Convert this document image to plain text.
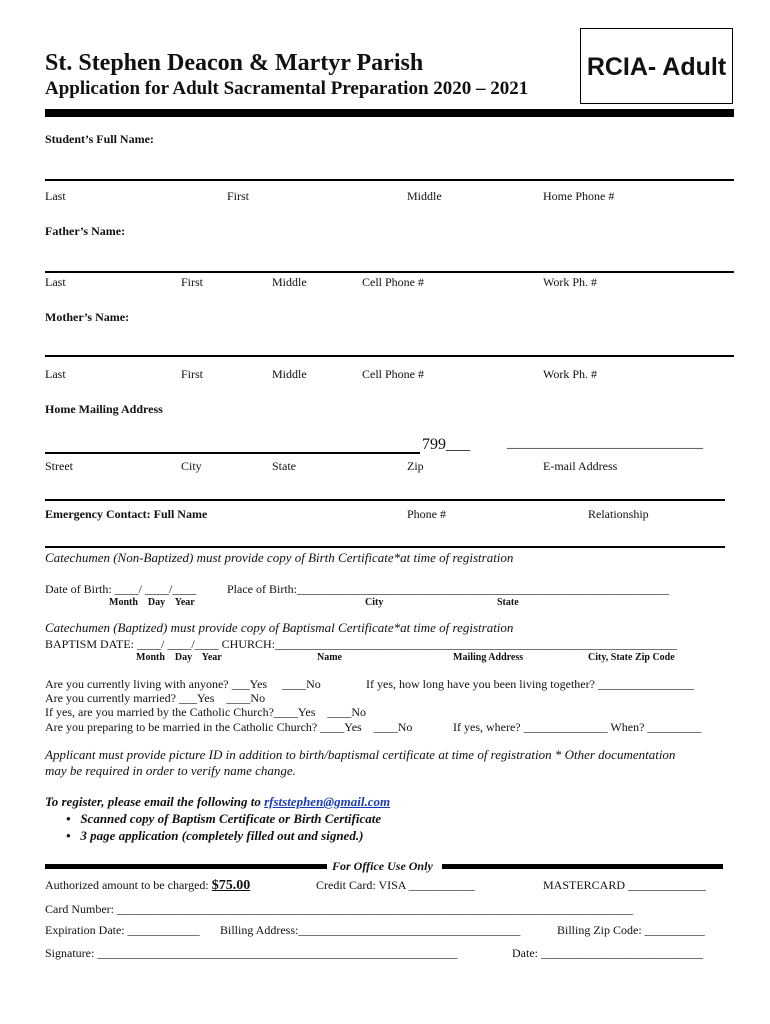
St. Stephen Deacon & Martyr Parish
Application for Adult Sacramental Preparation 2020 – 2021
RCIA- Adult
Student’s Full Name:
Last	First	Middle	Home Phone #
Father’s Name:
Last	First	Middle	Cell Phone #	Work Ph. #
Mother’s Name:
Last	First	Middle	Cell Phone #	Work Ph. #
Home Mailing Address
799___	____________________________
Street	City	State	Zip	E-mail Address
Emergency Contact: Full Name	Phone #	Relationship
Catechumen (Non-Baptized) must provide copy of Birth Certificate*at time of registration
Date of Birth: ____/ ____/____	Place of Birth:______________________________________________________________
Month    Day    Year	City	State
Catechumen (Baptized) must provide copy of Baptismal Certificate*at time of registration
BAPTISM DATE: ____/ ____/____ CHURCH:___________________________________________________________________
Month    Day    Year	Name	Mailing Address	City, State Zip Code
Are you currently living with anyone? ___Yes     ____No	If yes, how long have you been living together? ________________
Are you currently married? ___Yes    ____No
If yes, are you married by the Catholic Church?____Yes    ____No
Are you preparing to be married in the Catholic Church? ____Yes    ____No	If yes, where? ______________ When? _________
Applicant must provide picture ID in addition to birth/baptismal certificate at time of registration * Other documentation
may be required in order to verify name change.
To register, please email the following to rfststephen@gmail.com
• Scanned copy of Baptism Certificate or Birth Certificate
• 3 page application (completely filled out and signed.)
For Office Use Only
Authorized amount to be charged: $75.00	Credit Card: VISA ___________	MASTERCARD _____________
Card Number: ______________________________________________________________________________________
Expiration Date: ____________ Billing Address:_____________________________________	Billing Zip Code: __________
Signature: ____________________________________________________________	Date: ___________________________
